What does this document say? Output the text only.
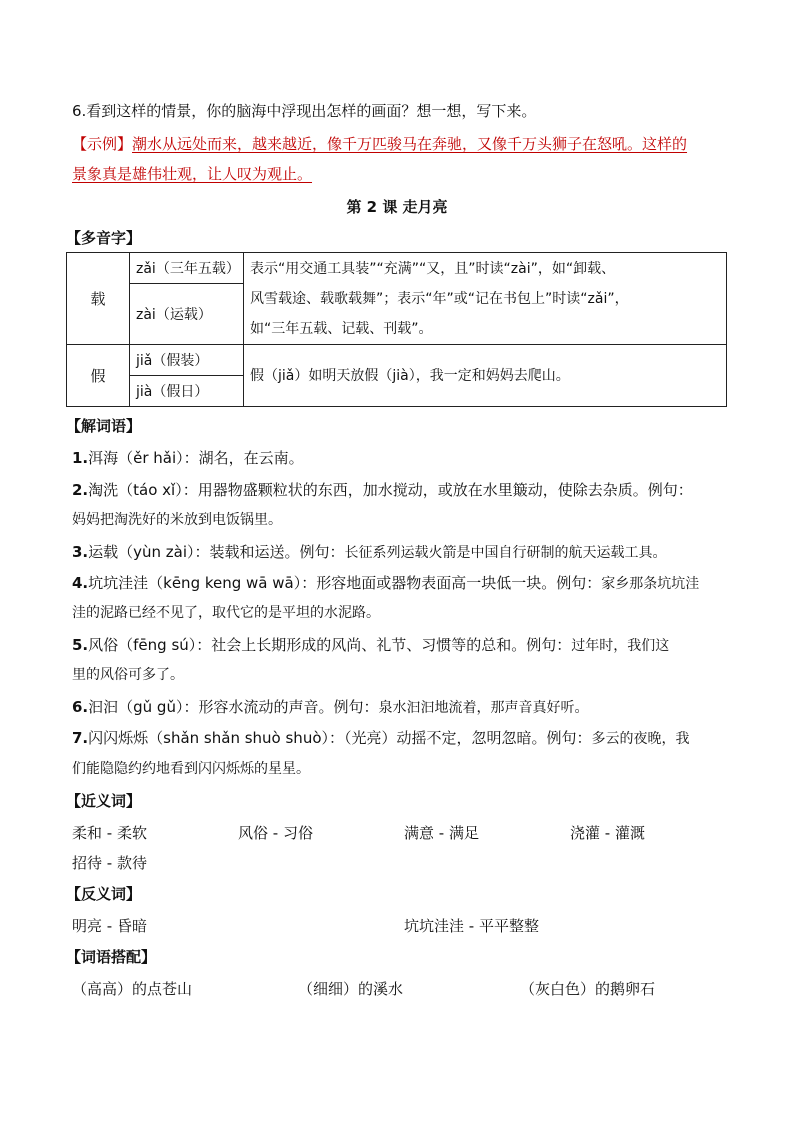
6.看到这样的情景，你的脑海中浮现出怎样的画面？想一想，写下来。
【示例】潮水从远处而来，越来越近，像千万匹骏马在奔驰，又像千万头狮子在怒吼。这样的
景象真是雄伟壮观，让人叹为观止。
第 2 课 走月亮
【多音字】
载	zǎi（三年五载）	表示“用交通工具装”“充满”“又，且”时读“zài”，如“卸载、
风雪载途、载歌载舞”；表示“年”或“记在书包上”时读“zǎi”，
如“三年五载、记载、刊载”。

	zài（运载）	
假	jiǎ（假装）	假（jiǎ）如明天放假（jià），我一定和妈妈去爬山。

	jià（假日）	
【解词语】
1.洱海（ěr hǎi）：湖名，在云南。
2.淘洗（táo xǐ）：用器物盛颗粒状的东西，加水搅动，或放在水里簸动，使除去杂质。例句：
妈妈把淘洗好的米放到电饭锅里。
3.运载（yùn zài）：装载和运送。例句：长征系列运载火箭是中国自行研制的航天运载工具。
4.坑坑洼洼（kēng keng wā wā）：形容地面或器物表面高一块低一块。例句：家乡那条坑坑洼
洼的泥路已经不见了，取代它的是平坦的水泥路。
5.风俗（fēng sú）：社会上长期形成的风尚、礼节、习惯等的总和。例句：过年时，我们这
里的风俗可多了。
6.汩汩（gǔ gǔ）：形容水流动的声音。例句：泉水汩汩地流着，那声音真好听。
7.闪闪烁烁（shǎn shǎn shuò shuò）：（光亮）动摇不定，忽明忽暗。例句：多云的夜晚，我
们能隐隐约约地看到闪闪烁烁的星星。
【近义词】
柔和 - 柔软	风俗 - 习俗	满意 - 满足	浇灌 - 灌溉
招待 - 款待
【反义词】
明亮 - 昏暗	坑坑洼洼 - 平平整整
【词语搭配】
（高高）的点苍山	（细细）的溪水	（灰白色）的鹅卵石
